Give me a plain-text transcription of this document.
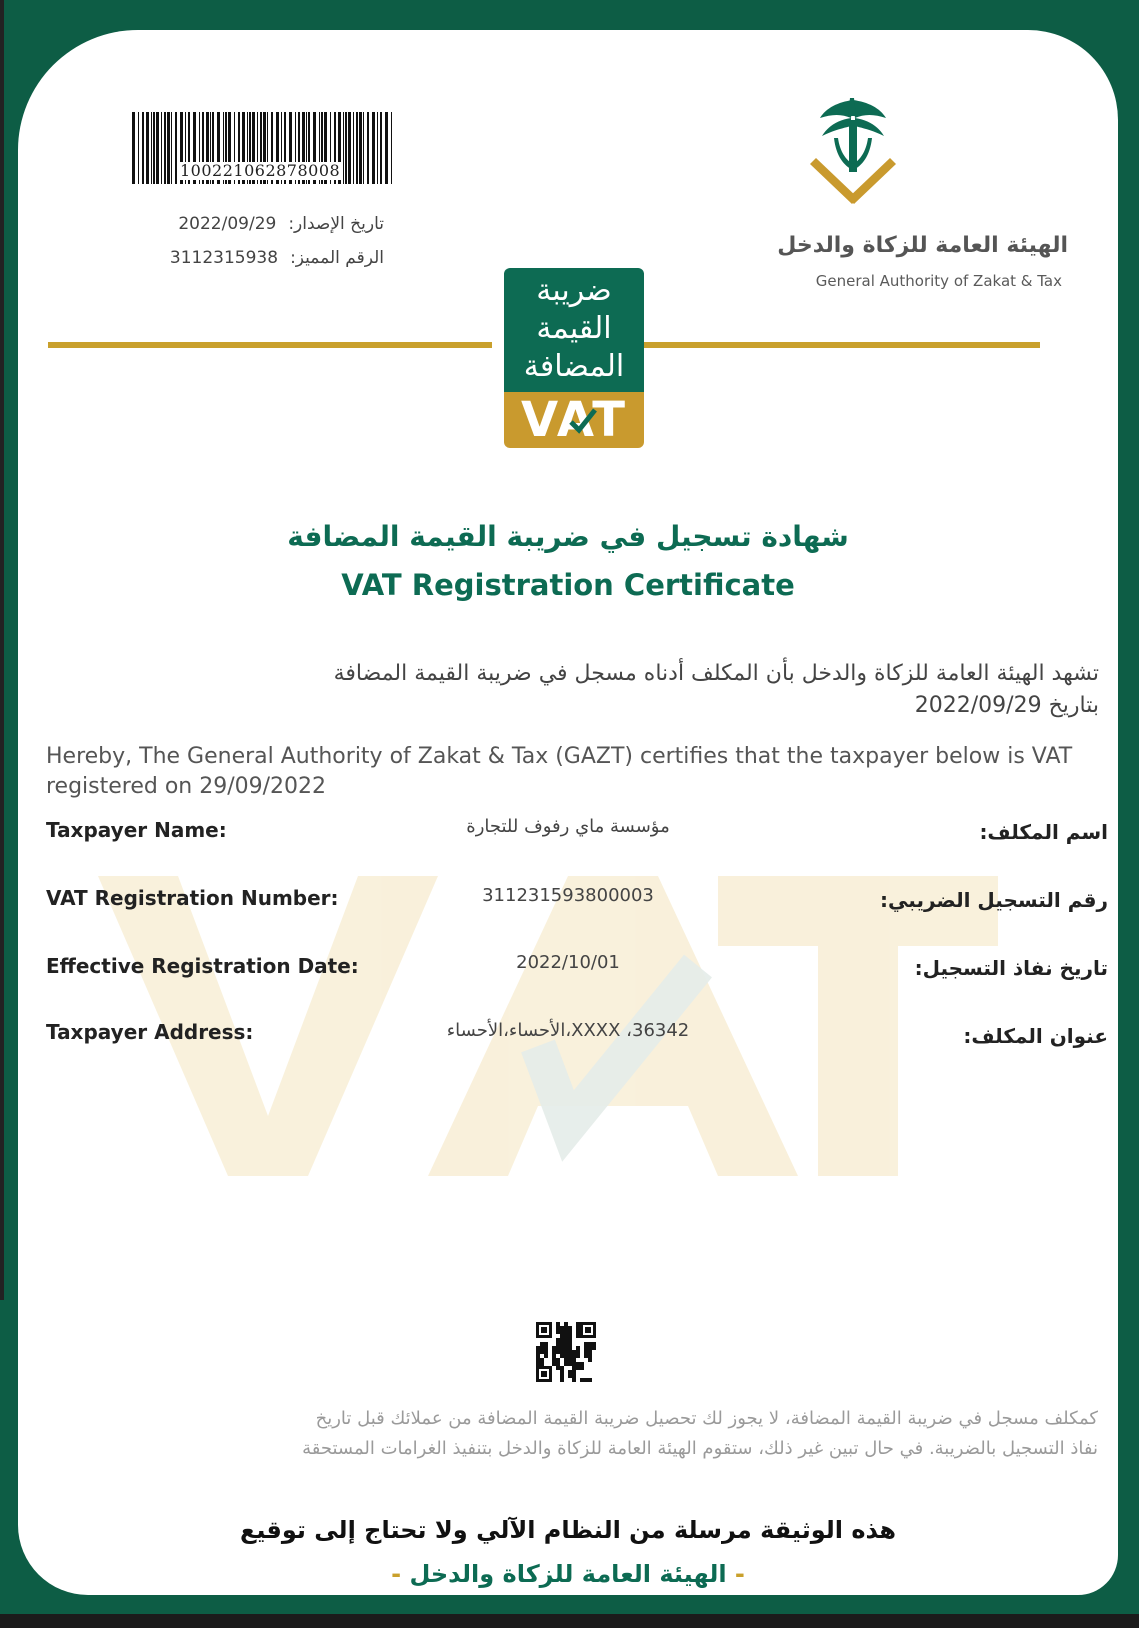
10022106287800​8
تاريخ الإصدار:2022/09/29
الرقم المميز:3112315938	الهيئة العامة للزكاة والدخل
General Authority of Zakat & Tax
ضريبة
القيمة
المضافة
VAT
شهادة تسجيل في ضريبة القيمة المضافة
VAT Registration Certificate
تشهد الهيئة العامة للزكاة والدخل بأن المكلف أدناه مسجل في ضريبة القيمة المضافة
بتاريخ 2022/09/29
Hereby, The General Authority of Zakat & Tax (GAZT) certifies that the taxpayer below is VAT registered on 29/09/2022
Taxpayer Name:	مؤسسة ماي رفوف للتجارة	اسم المكلف:
VAT Registration Number:	311231593800003	رقم التسجيل الضريبي:
Effective Registration Date:	2022/10/01	تاريخ نفاذ التسجيل:
Taxpayer Address:	XXXX ،36342،الأحساء،الأحساء	عنوان المكلف:
كمكلف مسجل في ضريبة القيمة المضافة، لا يجوز لك تحصيل ضريبة القيمة المضافة من عملائك قبل تاريخ
نفاذ التسجيل بالضريبة. في حال تبين غير ذلك، ستقوم الهيئة العامة للزكاة والدخل بتنفيذ الغرامات المستحقة
هذه الوثيقة مرسلة من النظام الآلي ولا تحتاج إلى توقيع
- الهيئة العامة للزكاة والدخل -
